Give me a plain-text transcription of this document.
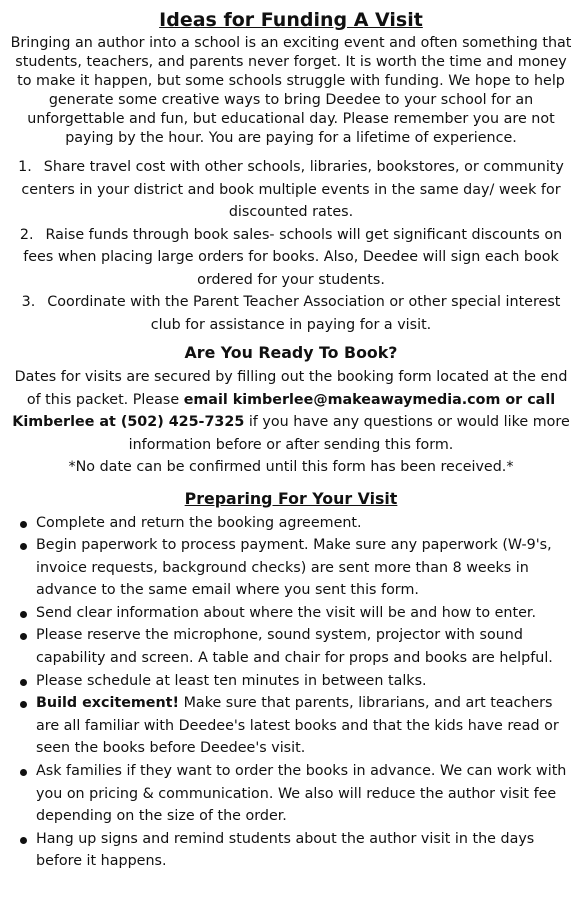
Ideas for Funding A Visit

Bringing an author into a school is an exciting event and often something that students, teachers, and parents never forget. It is worth the time and money to make it happen, but some schools struggle with funding. We hope to help generate some creative ways to bring Deedee to your school for an unforgettable and fun, but educational day. Please remember you are not paying by the hour. You are paying for a lifetime of experience.

1. Share travel cost with other schools, libraries, bookstores, or community centers in your district and book multiple events in the same day/ week for discounted rates.
2. Raise funds through book sales- schools will get significant discounts on fees when placing large orders for books. Also, Deedee will sign each book ordered for your students.
3. Coordinate with the Parent Teacher Association or other special interest club for assistance in paying for a visit.
Are You Ready To Book?

Dates for visits are secured by filling out the booking form located at the end of this packet. Please email kimberlee@makeawaymedia.com or call Kimberlee at (502) 425-7325 if you have any questions or would like more information before or after sending this form.

*No date can be confirmed until this form has been received.*

Preparing For Your Visit
Complete and return the booking agreement.
Begin paperwork to process payment. Make sure any paperwork (W-9's, invoice requests, background checks) are sent more than 8 weeks in advance to the same email where you sent this form.
Send clear information about where the visit will be and how to enter.
Please reserve the microphone, sound system, projector with sound capability and screen. A table and chair for props and books are helpful.
Please schedule at least ten minutes in between talks.
Build excitement! Make sure that parents, librarians, and art teachers are all familiar with Deedee's latest books and that the kids have read or seen the books before Deedee's visit.
Ask families if they want to order the books in advance. We can work with you on pricing & communication. We also will reduce the author visit fee depending on the size of the order.
Hang up signs and remind students about the author visit in the days before it happens.
